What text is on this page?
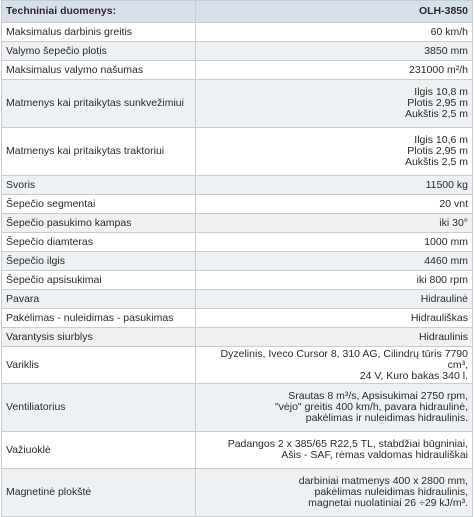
Techniniai duomenys:	OLH-3850
Maksimalus darbinis greitis	60 km/h
Valymo šepečio plotis	3850 mm
Maksimalus valymo našumas	231000 m²/h
Matmenys kai pritaikytas sunkvežimiui	Ilgis 10,8 m
Plotis 2,95 m
Aukštis 2,5 m
Matmenys kai pritaikytas traktoriui	Ilgis 10,6 m
Plotis 2,95 m
Aukštis 2,5 m
Svoris	11500 kg
Šepečio segmentai	20 vnt
Šepečio pasukimo kampas	iki 30°
Šepečio diamteras	1000 mm
Šepečio ilgis	4460 mm
Šepečio apsisukimai	iki 800 rpm
Pavara	Hidraulinė
Pakėlimas - nuleidimas - pasukimas	Hidrauliškas
Varantysis siurblys	Hidraulinis
Variklis	Dyzelinis, Iveco Cursor 8, 310 AG, Cilindrų tūris 7790 cm³,
24 V, Kuro bakas 340 l.
Ventiliatorius	Srautas 8 m³/s, Apsisukimai 2750 rpm,
"vėjo" greitis 400 km/h, pavara hidraulinė,
pakėlimas ir nuleidimas hidraulinis.
Važiuoklė	Padangos 2 x 385/65 R22,5 TL, stabdžiai būgniniai,
Ašis - SAF, rėmas valdomas hidrauliškai
Magnetinė plokštė	darbiniai matmenys 400 x 2800 mm,
pakėlimas nuleidimas hidraulinis,
magnetai nuolatiniai 26 ÷29 kJ/m³.
